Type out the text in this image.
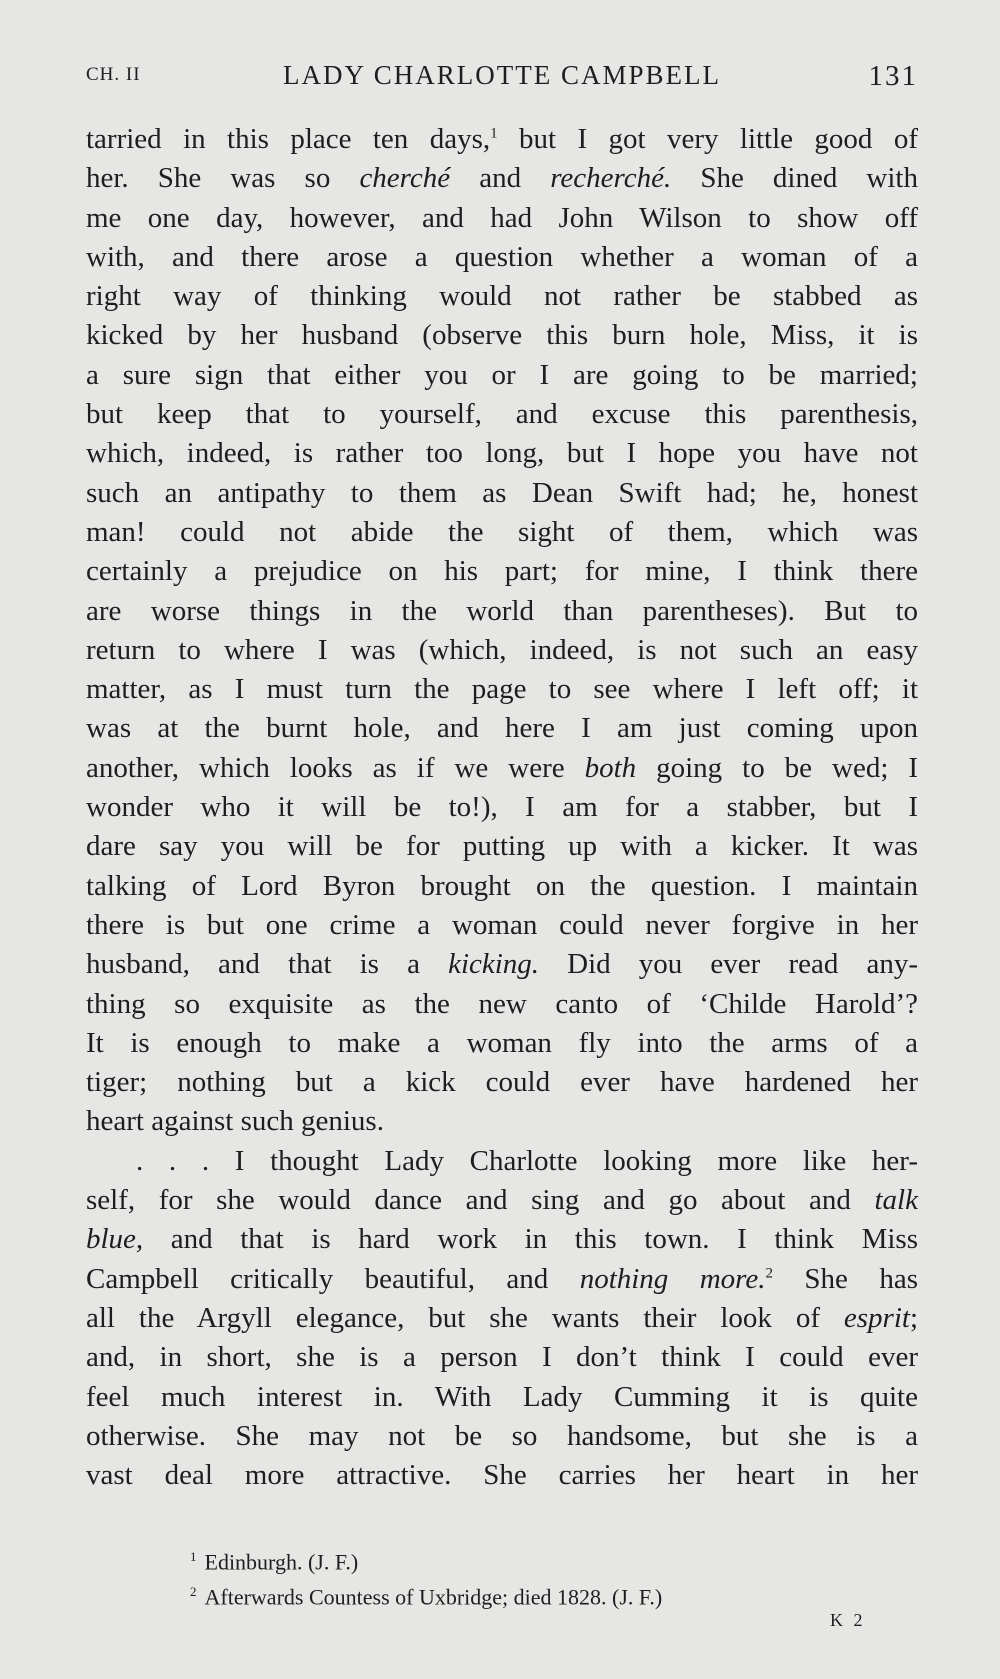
CH. II	LADY CHARLOTTE CAMPBELL	131
tarried in this place ten days,$^1$ but I got very little good of
her. She was so cherché and recherché. She dined with
me one day, however, and had John Wilson to show off
with, and there arose a question whether a woman of a
right way of thinking would not rather be stabbed as
kicked by her husband (observe this burn hole, Miss, it is
a sure sign that either you or I are going to be married;
but keep that to yourself, and excuse this parenthesis,
which, indeed, is rather too long, but I hope you have not
such an antipathy to them as Dean Swift had; he, honest
man! could not abide the sight of them, which was
certainly a prejudice on his part; for mine, I think there
are worse things in the world than parentheses). But to
return to where I was (which, indeed, is not such an easy
matter, as I must turn the page to see where I left off; it
was at the burnt hole, and here I am just coming upon
another, which looks as if we were both going to be wed; I
wonder who it will be to!), I am for a stabber, but I
dare say you will be for putting up with a kicker. It was
talking of Lord Byron brought on the question. I maintain
there is but one crime a woman could never forgive in her
husband, and that is a kicking. Did you ever read any-
thing so exquisite as the new canto of ‘Childe Harold’?
It is enough to make a woman fly into the arms of a
tiger; nothing but a kick could ever have hardened her
heart against such genius.
. . . I thought Lady Charlotte looking more like her-
self, for she would dance and sing and go about and talk
blue, and that is hard work in this town. I think Miss
Campbell critically beautiful, and nothing more.$^2$ She has
all the Argyll elegance, but she wants their look of esprit;
and, in short, she is a person I don’t think I could ever
feel much interest in. With Lady Cumming it is quite
otherwise. She may not be so handsome, but she is a
vast deal more attractive. She carries her heart in her
$^1$ Edinburgh. (J. F.)
$^2$ Afterwards Countess of Uxbridge; died 1828. (J. F.)
K 2
